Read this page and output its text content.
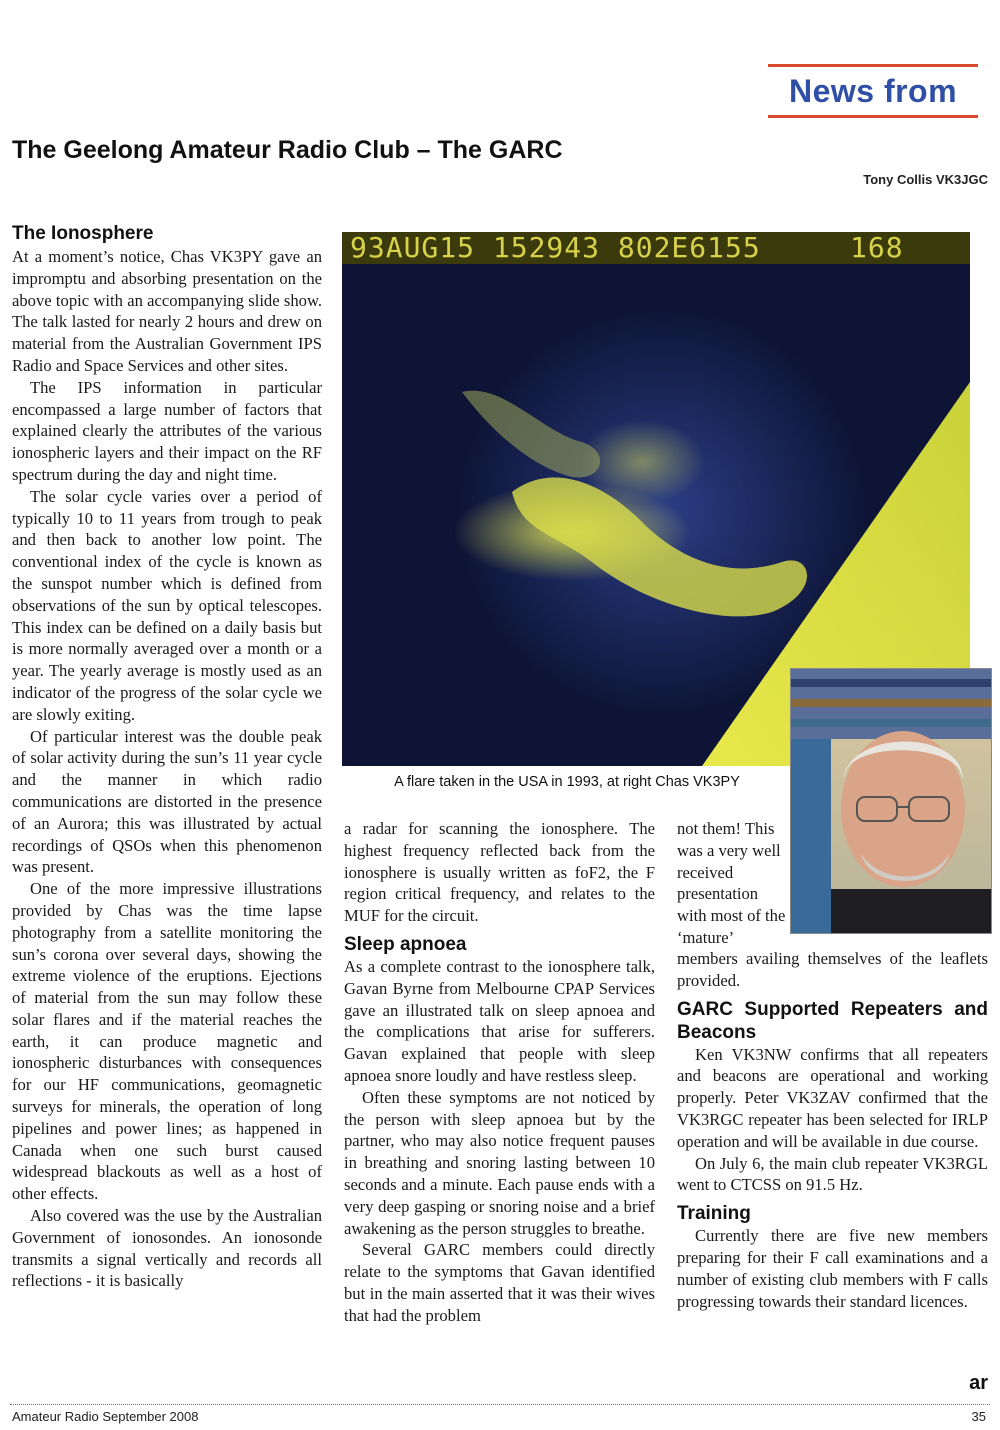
News from
The Geelong Amateur Radio Club – The GARC
Tony Collis VK3JGC
The Ionosphere

At a moment’s notice, Chas VK3PY gave an impromptu and absorbing presentation on the above topic with an accompanying slide show. The talk lasted for nearly 2 hours and drew on material from the Australian Government IPS Radio and Space Services and other sites.

The IPS information in particular encompassed a large number of factors that explained clearly the attributes of the various ionospheric layers and their impact on the RF spectrum during the day and night time.

The solar cycle varies over a period of typically 10 to 11 years from trough to peak and then back to another low point. The conventional index of the cycle is known as the sunspot number which is defined from observations of the sun by optical telescopes. This index can be defined on a daily basis but is more normally averaged over a month or a year. The yearly average is mostly used as an indicator of the progress of the solar cycle we are slowly exiting.

Of particular interest was the double peak of solar activity during the sun’s 11 year cycle and the manner in which radio communications are distorted in the presence of an Aurora; this was illustrated by actual recordings of QSOs when this phenomenon was present.

One of the more impressive illustrations provided by Chas was the time lapse photography from a satellite monitoring the sun’s corona over several days, showing the extreme violence of the eruptions. Ejections of material from the sun may follow these solar flares and if the material reaches the earth, it can produce magnetic and ionospheric disturbances with consequences for our HF communications, geomagnetic surveys for minerals, the operation of long pipelines and power lines; as happened in Canada when one such burst caused widespread blackouts as well as a host of other effects.

Also covered was the use by the Australian Government of ionosondes. An ionosonde transmits a signal vertically and records all reflections - it is basically

93AUG15 152943 802E6155     168
A flare taken in the USA in 1993, at right Chas VK3PY

a radar for scanning the ionosphere. The highest frequency reflected back from the ionosphere is usually written as foF2, the F region critical frequency, and relates to the MUF for the circuit.

Sleep apnoea

As a complete contrast to the ionosphere talk, Gavan Byrne from Melbourne CPAP Services gave an illustrated talk on sleep apnoea and the complications that arise for sufferers. Gavan explained that people with sleep apnoea snore loudly and have restless sleep.

Often these symptoms are not noticed by the person with sleep apnoea but by the partner, who may also notice frequent pauses in breathing and snoring lasting between 10 seconds and a minute. Each pause ends with a very deep gasping or snoring noise and a brief awakening as the person struggles to breathe.

Several GARC members could directly relate to the symptoms that Gavan identified but in the main asserted that it was their wives that had the problem

not them! This was a very well received presentation with most of the ‘mature’

members availing themselves of the leaflets provided.

GARC Supported Repeaters and Beacons

Ken VK3NW confirms that all repeaters and beacons are operational and working properly. Peter VK3ZAV confirmed that the VK3RGC repeater has been selected for IRLP operation and will be available in due course.

On July 6, the main club repeater VK3RGL went to CTCSS on 91.5 Hz.

Training

Currently there are five new members preparing for their F call examinations and a number of existing club members with F calls progressing towards their standard licences.

ar
Amateur Radio September 2008	35
